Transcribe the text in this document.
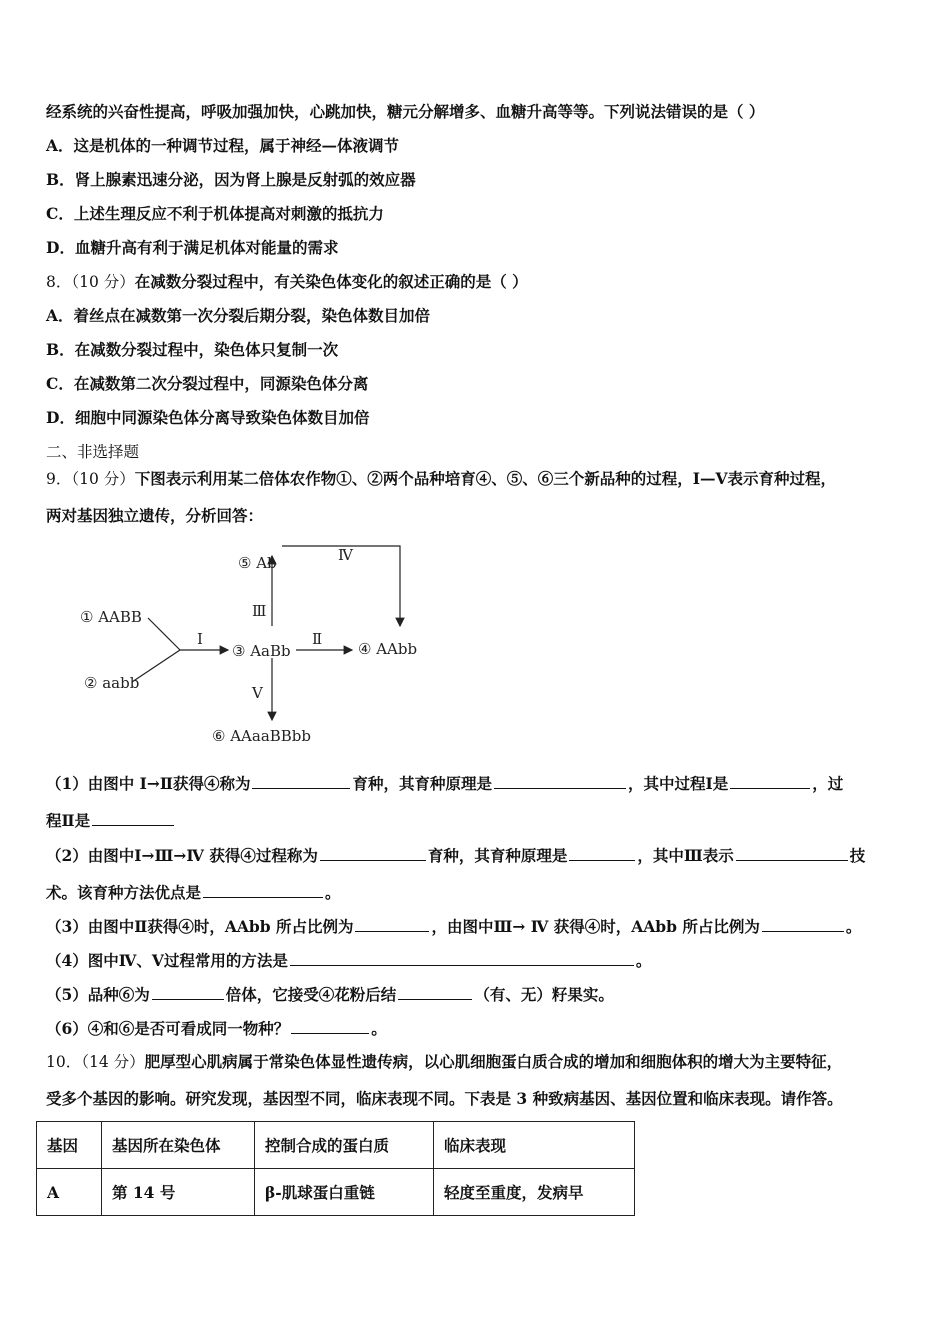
经系统的兴奋性提高，呼吸加强加快，心跳加快，糖元分解增多、血糖升高等等。下列说法错误的是（ ）
A．这是机体的一种调节过程，属于神经—体液调节
B．肾上腺素迅速分泌，因为肾上腺是反射弧的效应器
C．上述生理反应不利于机体提高对刺激的抵抗力
D．血糖升高有利于满足机体对能量的需求
8．（10 分）在减数分裂过程中，有关染色体变化的叙述正确的是（ ）
A．着丝点在减数第一次分裂后期分裂，染色体数目加倍
B．在减数分裂过程中，染色体只复制一次
C．在减数第二次分裂过程中，同源染色体分离
D．细胞中同源染色体分离导致染色体数目加倍
二、非选择题
9．（10 分）下图表示利用某二倍体农作物①、②两个品种培育④、⑤、⑥三个新品种的过程，Ⅰ—Ⅴ表示育种过程，
两对基因独立遗传，分析回答：
① AABB
② aabb
③ AaBb	④ AAbb
⑤ Ab
⑥ AAaaBBbb
Ⅰ	Ⅱ
Ⅲ
Ⅳ
Ⅴ
（1）由图中 Ⅰ→Ⅱ获得④称为	育种，其育种原理是	，其中过程Ⅰ是	，过
程Ⅱ是
（2）由图中Ⅰ→Ⅲ→Ⅳ 获得④过程称为	育种，其育种原理是	，其中Ⅲ表示	技
术。该育种方法优点是	。
（3）由图中Ⅱ获得④时，AAbb 所占比例为	，由图中Ⅲ→ Ⅳ 获得④时，AAbb 所占比例为	。
（4）图中Ⅳ、Ⅴ过程常用的方法是	。
（5）品种⑥为	倍体，它接受④花粉后结	（有、无）籽果实。
（6）④和⑥是否可看成同一物种？	。
10．（14 分）肥厚型心肌病属于常染色体显性遗传病，以心肌细胞蛋白质合成的增加和细胞体积的增大为主要特征，
受多个基因的影响。研究发现，基因型不同，临床表现不同。下表是 3 种致病基因、基因位置和临床表现。请作答。
基因	基因所在染色体	控制合成的蛋白质	临床表现
A	第 14 号	β-肌球蛋白重链	轻度至重度，发病早
